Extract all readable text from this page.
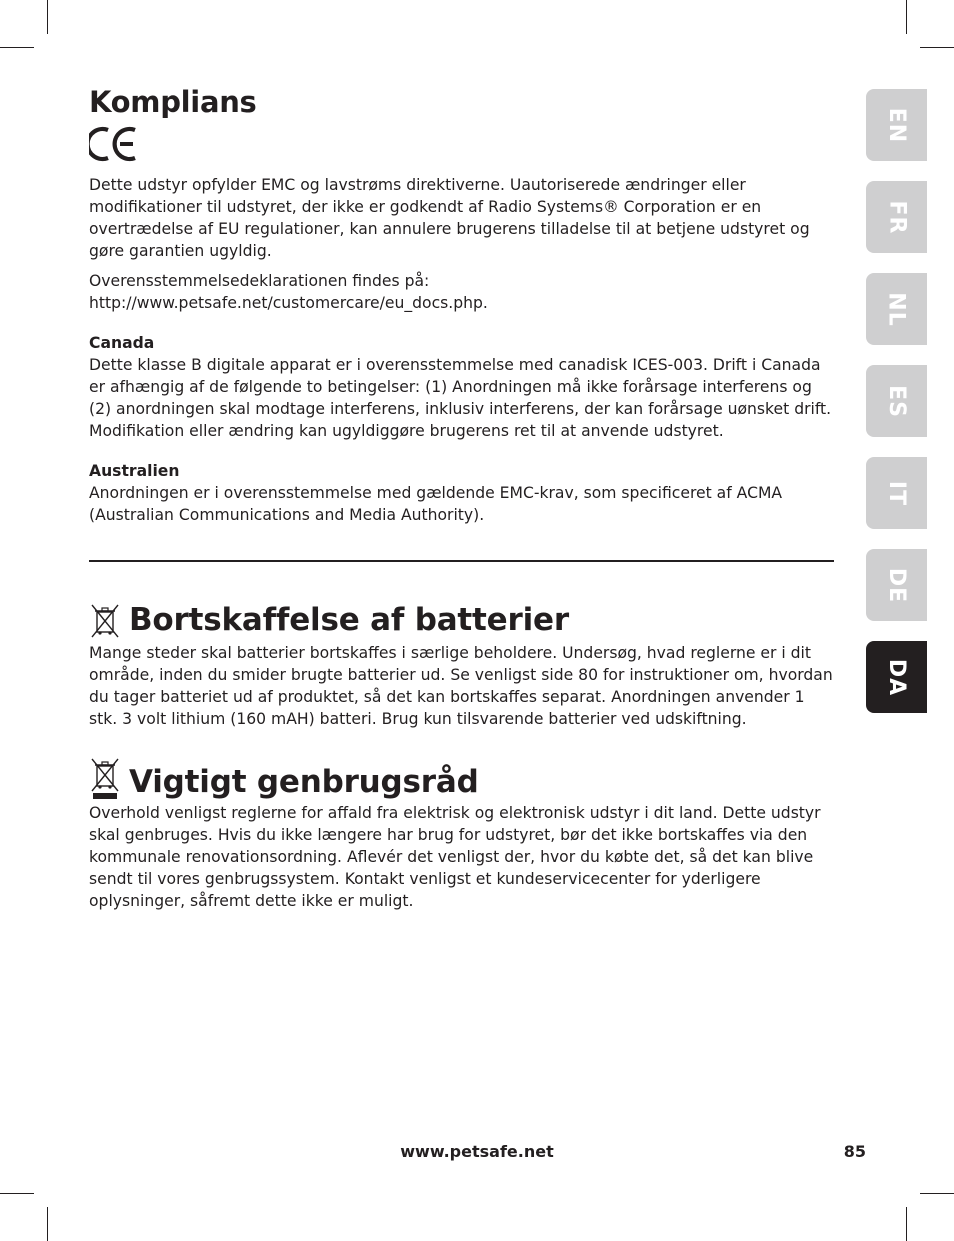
Komplians

Dette udstyr opfylder EMC og lavstrøms direktiverne. Uautoriserede ændringer eller modifikationer til udstyret, der ikke er godkendt af Radio Systems® Corporation er en overtrædelse af EU regulationer, kan annulere brugerens tilladelse til at betjene udstyret og gøre garantien ugyldig.

Overensstemmelsedeklarationen findes på:

http://www.petsafe.net/customercare/eu_docs.php.

Canada

Dette klasse B digitale apparat er i overensstemmelse med canadisk ICES-003. Drift i Canada er afhængig af de følgende to betingelser: (1) Anordningen må ikke forårsage interferens og (2) anordningen skal modtage interferens, inklusiv interferens, der kan forårsage uønsket drift. Modifikation eller ændring kan ugyldiggøre brugerens ret til at anvende udstyret.

Australien

Anordningen er i overensstemmelse med gældende EMC-krav, som specificeret af ACMA (Australian Communications and Media Authority).

Bortskaffelse af batterier

Mange steder skal batterier bortskaffes i særlige beholdere. Undersøg, hvad reglerne er i dit område, inden du smider brugte batterier ud. Se venligst side 80 for instruktioner om, hvordan du tager batteriet ud af produktet, så det kan bortskaffes separat. Anordningen anvender 1 stk. 3 volt lithium (160 mAH) batteri. Brug kun tilsvarende batterier ved udskiftning.

Vigtigt genbrugsråd

Overhold venligst reglerne for affald fra elektrisk og elektronisk udstyr i dit land. Dette udstyr skal genbruges. Hvis du ikke længere har brug for udstyret, bør det ikke bortskaffes via den kommunale renovationsordning. Aflevér det venligst der, hvor du købte det, så det kan blive sendt til vores genbrugssystem. Kontakt venligst et kundeservicecenter for yderligere oplysninger, såfremt dette ikke er muligt.

EN
FR
NL
ES
IT
DE
DA
www.petsafe.net	85
